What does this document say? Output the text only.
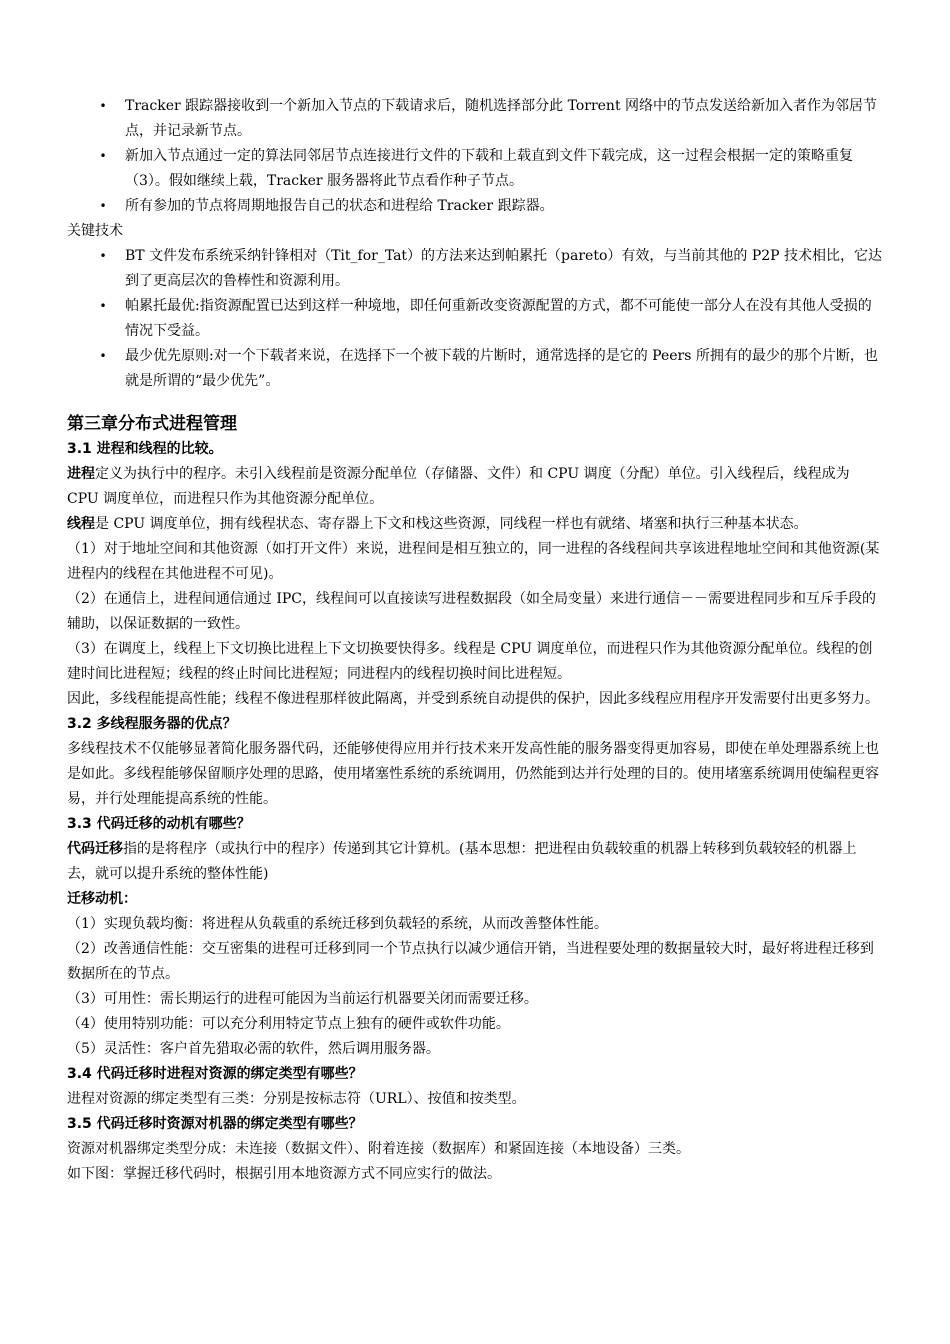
• Tracker 跟踪器接收到一个新加入节点的下载请求后，随机选择部分此 Torrent 网络中的节点发送给新加入者作为邻居节点，并记录新节点。
• 新加入节点通过一定的算法同邻居节点连接进行文件的下载和上载直到文件下载完成，这一过程会根据一定的策略重复（3）。假如继续上载，Tracker 服务器将此节点看作种子节点。
• 所有参加的节点将周期地报告自己的状态和进程给 Tracker 跟踪器。

关键技术

• BT 文件发布系统采纳针锋相对（Tit_for_Tat）的方法来达到帕累托（pareto）有效，与当前其他的 P2P 技术相比，它达到了更高层次的鲁棒性和资源利用。
• 帕累托最优:指资源配置已达到这样一种境地，即任何重新改变资源配置的方式，都不可能使一部分人在没有其他人受损的情况下受益。
• 最少优先原则:对一个下载者来说，在选择下一个被下载的片断时，通常选择的是它的 Peers 所拥有的最少的那个片断，也就是所谓的“最少优先”。
第三章分布式进程管理
3.1 进程和线程的比较。

进程定义为执行中的程序。未引入线程前是资源分配单位（存储器、文件）和 CPU 调度（分配）单位。引入线程后，线程成为 CPU 调度单位，而进程只作为其他资源分配单位。

线程是 CPU 调度单位，拥有线程状态、寄存器上下文和栈这些资源，同线程一样也有就绪、堵塞和执行三种基本状态。

（1）对于地址空间和其他资源（如打开文件）来说，进程间是相互独立的，同一进程的各线程间共享该进程地址空间和其他资源(某进程内的线程在其他进程不可见)。

（2）在通信上，进程间通信通过 IPC，线程间可以直接读写进程数据段（如全局变量）来进行通信－－需要进程同步和互斥手段的辅助，以保证数据的一致性。

（3）在调度上，线程上下文切换比进程上下文切换要快得多。线程是 CPU 调度单位，而进程只作为其他资源分配单位。线程的创建时间比进程短；线程的终止时间比进程短；同进程内的线程切换时间比进程短。

因此，多线程能提高性能；线程不像进程那样彼此隔离，并受到系统自动提供的保护，因此多线程应用程序开发需要付出更多努力。

3.2 多线程服务器的优点？

多线程技术不仅能够显著简化服务器代码，还能够使得应用并行技术来开发高性能的服务器变得更加容易，即使在单处理器系统上也是如此。多线程能够保留顺序处理的思路，使用堵塞性系统的系统调用，仍然能到达并行处理的目的。使用堵塞系统调用使编程更容易，并行处理能提高系统的性能。

3.3 代码迁移的动机有哪些？

代码迁移指的是将程序（或执行中的程序）传递到其它计算机。(基本思想：把进程由负载较重的机器上转移到负载较轻的机器上去，就可以提升系统的整体性能)

迁移动机：

（1）实现负载均衡：将进程从负载重的系统迁移到负载轻的系统，从而改善整体性能。

（2）改善通信性能：交互密集的进程可迁移到同一个节点执行以减少通信开销，当进程要处理的数据量较大时，最好将进程迁移到数据所在的节点。

（3）可用性：需长期运行的进程可能因为当前运行机器要关闭而需要迁移。

（4）使用特别功能：可以充分利用特定节点上独有的硬件或软件功能。

（5）灵活性：客户首先猎取必需的软件，然后调用服务器。

3.4 代码迁移时进程对资源的绑定类型有哪些？

进程对资源的绑定类型有三类：分别是按标志符（URL）、按值和按类型。

3.5 代码迁移时资源对机器的绑定类型有哪些？

资源对机器绑定类型分成：未连接（数据文件）、附着连接（数据库）和紧固连接（本地设备）三类。

如下图：掌握迁移代码时，根据引用本地资源方式不同应实行的做法。
